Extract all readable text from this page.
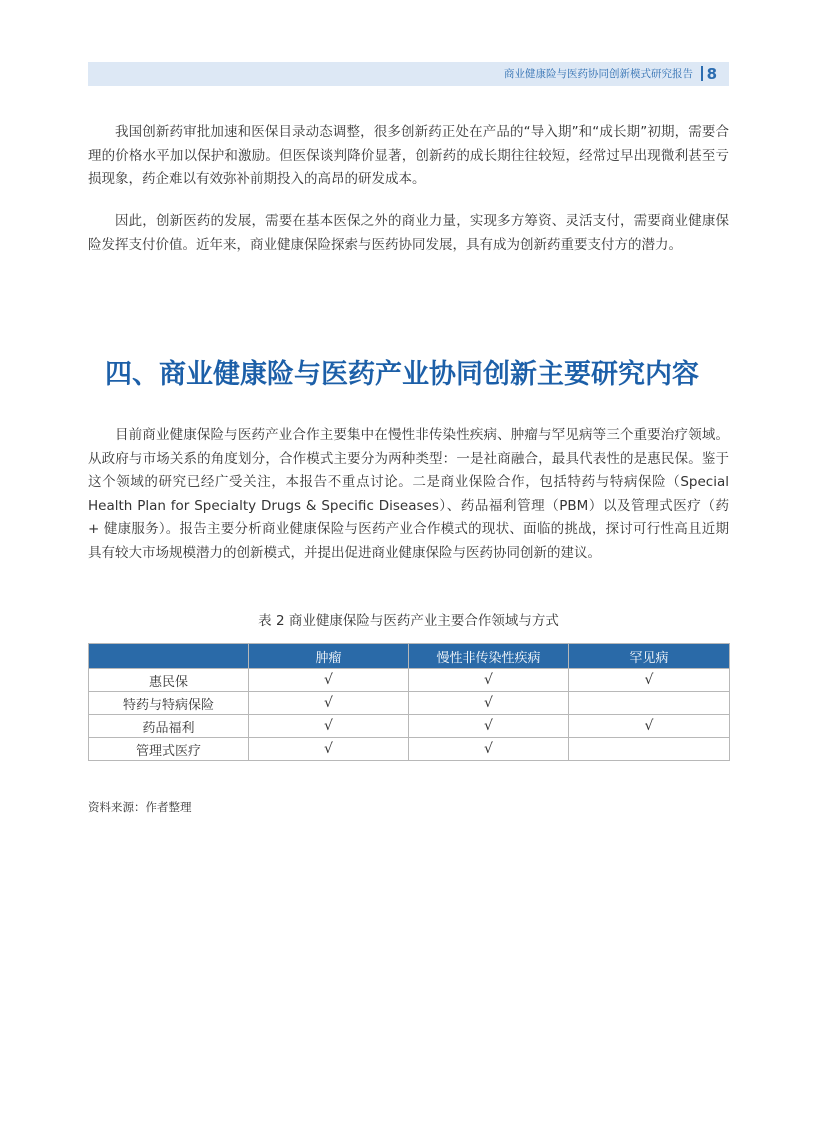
商业健康险与医药协同创新模式研究报告 8

我国创新药审批加速和医保目录动态调整，很多创新药正处在产品的“导入期”和“成长期”初期，需要合理的价格水平加以保护和激励。但医保谈判降价显著，创新药的成长期往往较短，经常过早出现微利甚至亏损现象，药企难以有效弥补前期投入的高昂的研发成本。

因此，创新医药的发展，需要在基本医保之外的商业力量，实现多方筹资、灵活支付，需要商业健康保险发挥支付价值。近年来，商业健康保险探索与医药协同发展，具有成为创新药重要支付方的潜力。

四、商业健康险与医药产业协同创新主要研究内容

目前商业健康保险与医药产业合作主要集中在慢性非传染性疾病、肿瘤与罕见病等三个重要治疗领域。从政府与市场关系的角度划分，合作模式主要分为两种类型：一是社商融合，最具代表性的是惠民保。鉴于这个领域的研究已经广受关注，本报告不重点讨论。二是商业保险合作，包括特药与特病保险（Special Health Plan for Specialty Drugs & Specific Diseases）、药品福利管理（PBM）以及管理式医疗（药 + 健康服务）。报告主要分析商业健康保险与医药产业合作模式的现状、面临的挑战，探讨可行性高且近期具有较大市场规模潜力的创新模式，并提出促进商业健康保险与医药协同创新的建议。

表 2 商业健康保险与医药产业主要合作领域与方式
	肿瘤	慢性非传染性疾病	罕见病
惠民保	√	√	√
特药与特病保险	√	√	
药品福利	√	√	√
管理式医疗	√	√	
资料来源：作者整理
